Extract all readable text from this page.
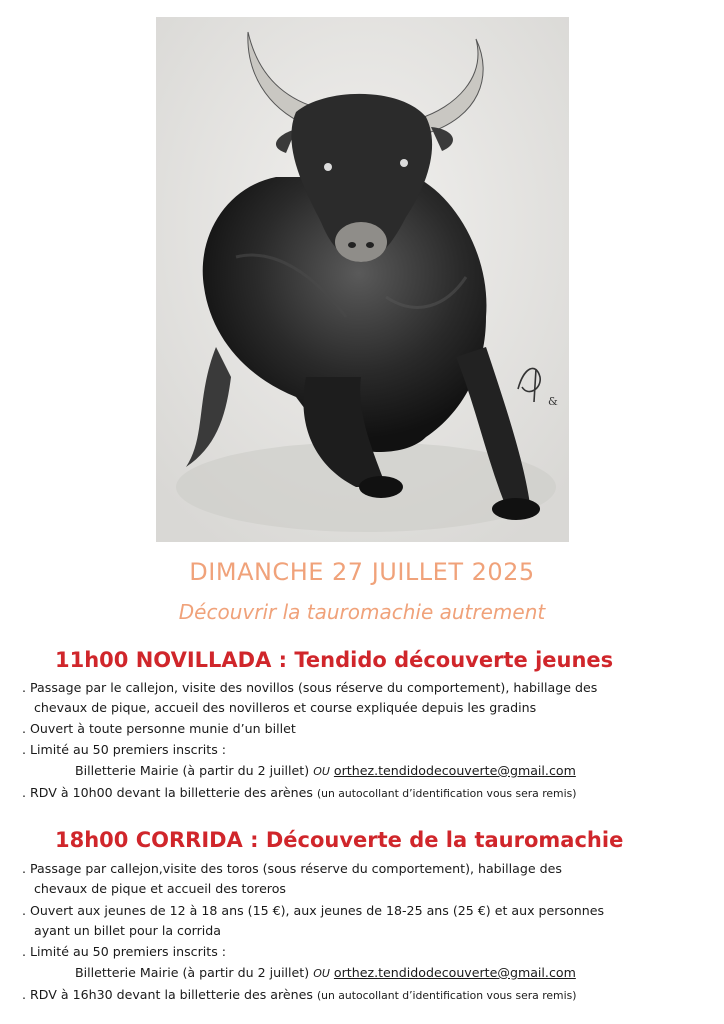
&
DIMANCHE 27 JUILLET 2025
Découvrir la tauromachie autrement
11h00 NOVILLADA : Tendido découverte jeunes
. Passage par le callejon, visite des novillos (sous réserve du comportement), habillage des
chevaux de pique, accueil des novilleros et course expliquée depuis les gradins
. Ouvert à toute personne munie d’un billet
. Limité au 50 premiers inscrits :
Billetterie Mairie (à partir du 2 juillet) OU orthez.tendidodecouverte@gmail.com
. RDV à 10h00 devant la billetterie des arènes (un autocollant d’identification vous sera remis)
18h00 CORRIDA : Découverte de la tauromachie
. Passage par callejon,visite des toros (sous réserve du comportement), habillage des
chevaux de pique et accueil des toreros
. Ouvert aux jeunes de 12 à 18 ans (15 €), aux jeunes de 18-25 ans (25 €) et aux personnes
ayant un billet pour la corrida
. Limité au 50 premiers inscrits :
Billetterie Mairie (à partir du 2 juillet) OU orthez.tendidodecouverte@gmail.com
. RDV à 16h30 devant la billetterie des arènes (un autocollant d’identification vous sera remis)
